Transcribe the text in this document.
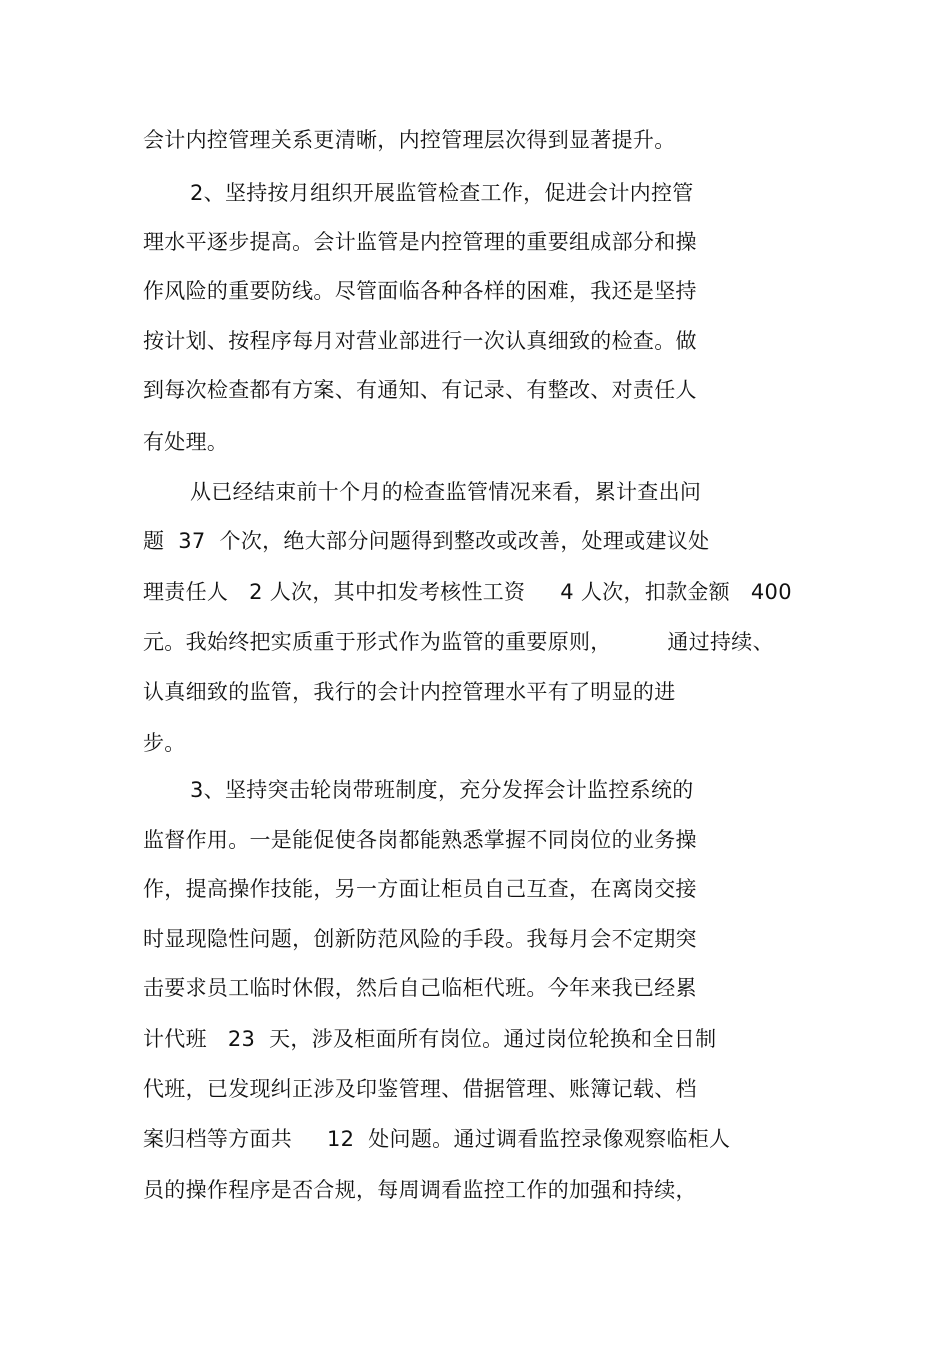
会计内控管理关系更清晰，内控管理层次得到显著提升。
2、坚持按月组织开展监管检查工作，促进会计内控管
理水平逐步提高。会计监管是内控管理的重要组成部分和操
作风险的重要防线。尽管面临各种各样的困难，我还是坚持
按计划、按程序每月对营业部进行一次认真细致的检查。做
到每次检查都有方案、有通知、有记录、有整改、对责任人
有处理。
从已经结束前十个月的检查监管情况来看，累计查出问
题  37  个次，绝大部分问题得到整改或改善，处理或建议处
理责任人   2 人次，其中扣发考核性工资     4 人次，扣款金额   400
元。我始终把实质重于形式作为监管的重要原则，        通过持续、
认真细致的监管，我行的会计内控管理水平有了明显的进
步。
3、坚持突击轮岗带班制度，充分发挥会计监控系统的
监督作用。一是能促使各岗都能熟悉掌握不同岗位的业务操
作，提高操作技能，另一方面让柜员自己互查，在离岗交接
时显现隐性问题，创新防范风险的手段。我每月会不定期突
击要求员工临时休假，然后自己临柜代班。今年来我已经累
计代班   23  天，涉及柜面所有岗位。通过岗位轮换和全日制
代班，已发现纠正涉及印鉴管理、借据管理、账簿记载、档
案归档等方面共     12  处问题。通过调看监控录像观察临柜人
员的操作程序是否合规，每周调看监控工作的加强和持续，
